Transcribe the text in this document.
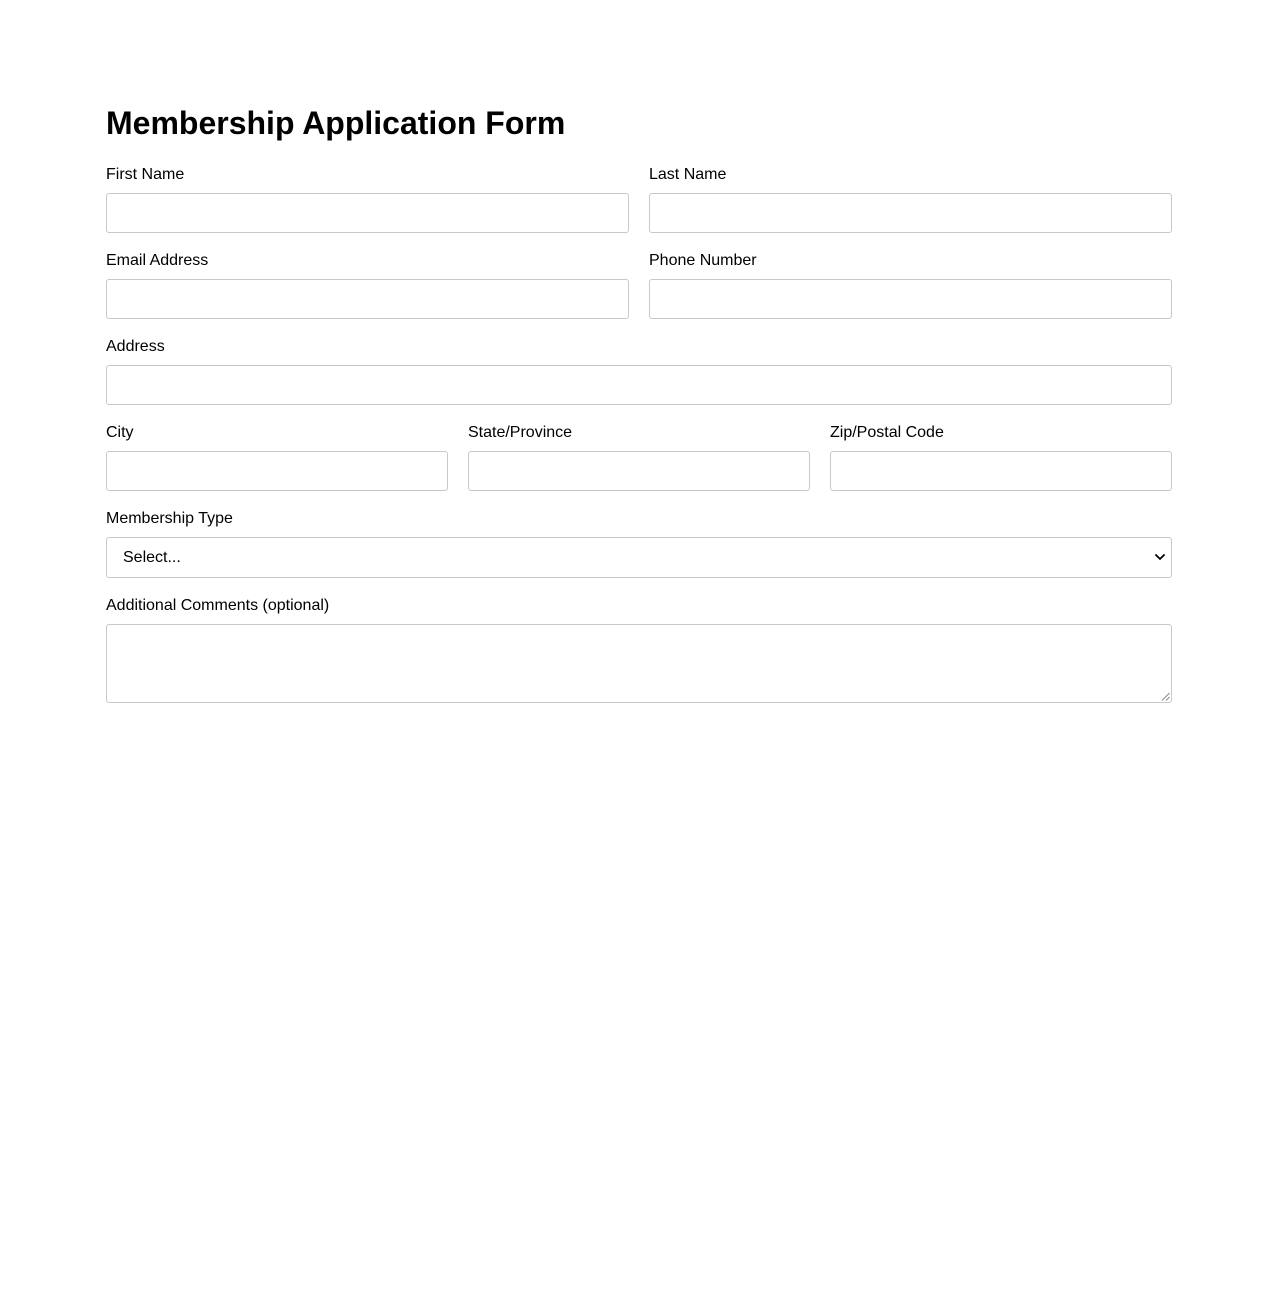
Membership Application Form
First Name	Last Name
Email Address	Phone Number
Address
City	State/Province	Zip/Postal Code
Membership Type
Select...
Additional Comments (optional)
